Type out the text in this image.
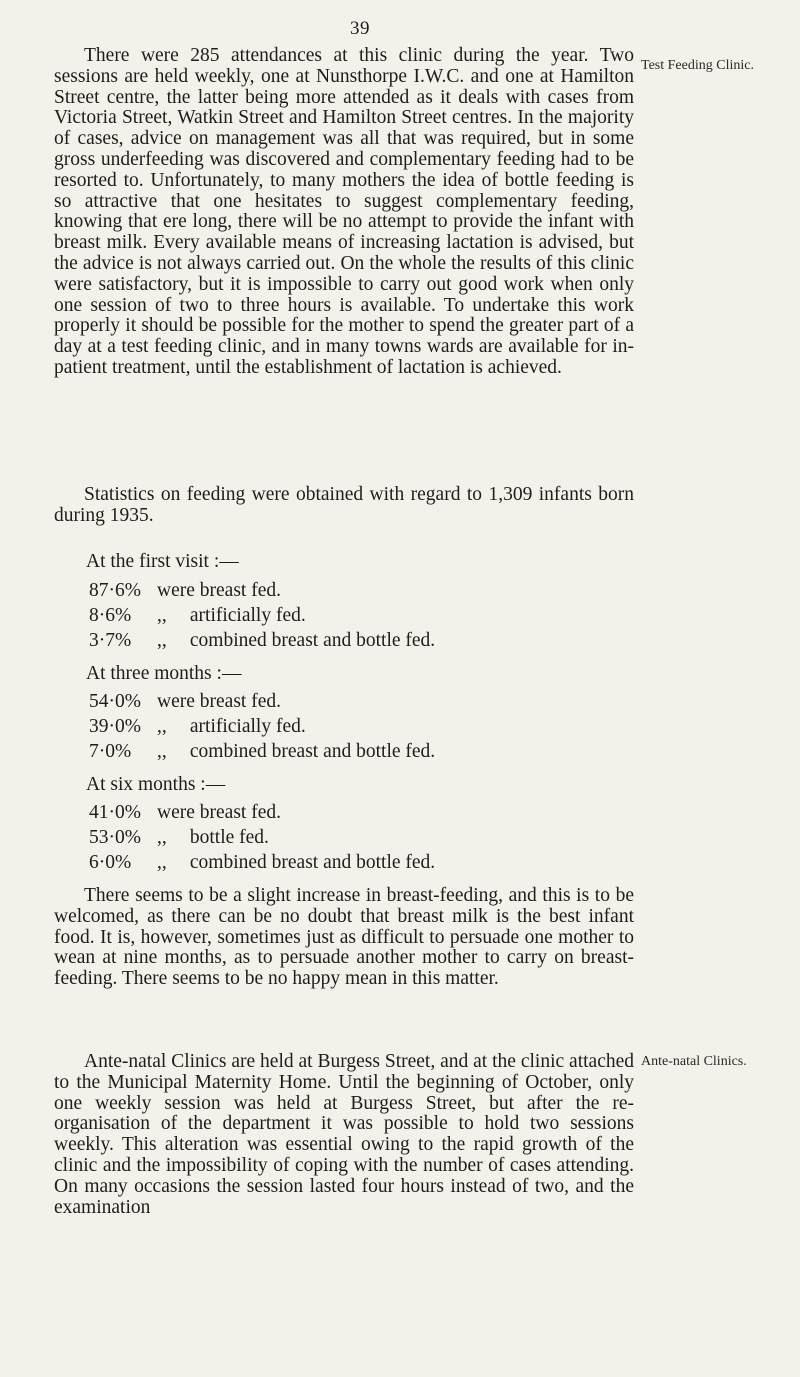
39

There were 285 attendances at this clinic during the year. Two sessions are held weekly, one at Nunsthorpe I.W.C. and one at Hamilton Street centre, the latter being more attended as it deals with cases from Victoria Street, Watkin Street and Hamilton Street centres. In the majority of cases, advice on management was all that was required, but in some gross underfeeding was discovered and complementary feeding had to be resorted to. Unfortunately, to many mothers the idea of bottle feeding is so attractive that one hesitates to suggest complementary feeding, knowing that ere long, there will be no attempt to provide the infant with breast milk. Every available means of increasing lactation is advised, but the advice is not always carried out. On the whole the results of this clinic were satisfactory, but it is impossible to carry out good work when only one session of two to three hours is available. To undertake this work properly it should be possible for the mother to spend the greater part of a day at a test feeding clinic, and in many towns wards are available for in-patient treatment, until the establishment of lactation is achieved.

Test Feeding Clinic.

Statistics on feeding were obtained with regard to 1,309 infants born during 1935.

At the first visit :—
87·6% were breast fed.
8·6% ,, artificially fed.
3·7% ,, combined breast and bottle fed.
At three months :—
54·0% were breast fed.
39·0% ,, artificially fed.
7·0% ,, combined breast and bottle fed.
At six months :—
41·0% were breast fed.
53·0% ,, bottle fed.
6·0% ,, combined breast and bottle fed.

There seems to be a slight increase in breast-feeding, and this is to be welcomed, as there can be no doubt that breast milk is the best infant food. It is, however, sometimes just as difficult to persuade one mother to wean at nine months, as to persuade another mother to carry on breast-feeding. There seems to be no happy mean in this matter.

Ante-natal Clinics are held at Burgess Street, and at the clinic attached to the Municipal Maternity Home. Until the beginning of October, only one weekly session was held at Burgess Street, but after the re-organisation of the department it was possible to hold two sessions weekly. This alteration was essential owing to the rapid growth of the clinic and the impossibility of coping with the number of cases attending. On many occasions the session lasted four hours instead of two, and the examination

Ante-natal Clinics.
